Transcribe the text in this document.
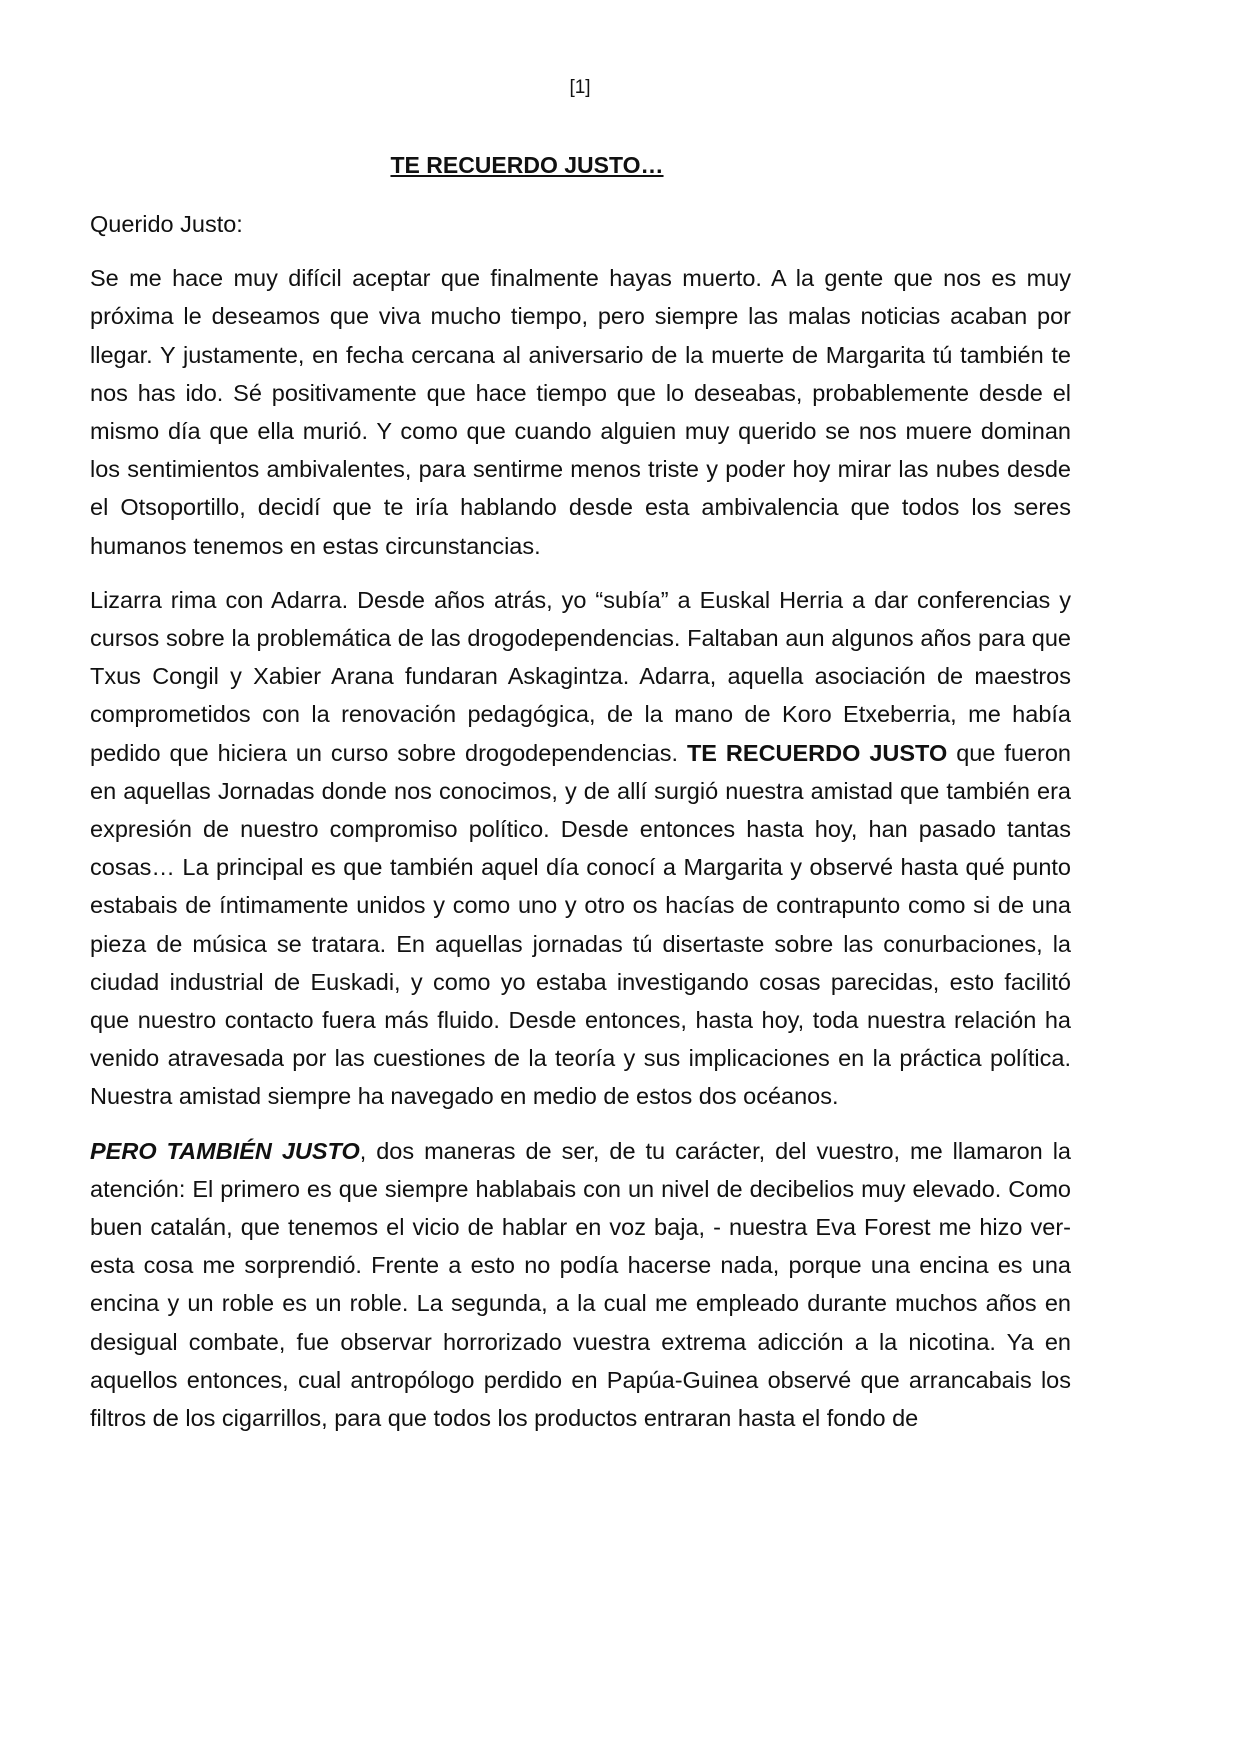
[1]
TE RECUERDO JUSTO…

Querido Justo:

Se me hace muy difícil aceptar que finalmente hayas muerto. A la gente que nos es muy próxima le deseamos que viva mucho tiempo, pero siempre las malas noticias acaban por llegar. Y justamente, en fecha cercana al aniversario de la muerte de Margarita tú también te nos has ido. Sé positivamente que hace tiempo que lo deseabas, probablemente desde el mismo día que ella murió. Y como que cuando alguien muy querido se nos muere dominan los sentimientos ambivalentes, para sentirme menos triste y poder hoy mirar las nubes desde el Otsoportillo, decidí que te iría hablando desde esta ambivalencia que todos los seres humanos tenemos en estas circunstancias.

Lizarra rima con Adarra. Desde años atrás, yo “subía” a Euskal Herria a dar conferencias y cursos sobre la problemática de las drogodependencias. Faltaban aun algunos años para que Txus Congil y Xabier Arana fundaran Askagintza. Adarra, aquella asociación de maestros comprometidos con la renovación pedagógica, de la mano de Koro Etxeberria, me había pedido que hiciera un curso sobre drogodependencias. TE RECUERDO JUSTO que fueron en aquellas Jornadas donde nos conocimos, y de allí surgió nuestra amistad que también era expresión de nuestro compromiso político. Desde entonces hasta hoy, han pasado tantas cosas… La principal es que también aquel día conocí a Margarita y observé hasta qué punto estabais de íntimamente unidos y como uno y otro os hacías de contrapunto como si de una pieza de música se tratara. En aquellas jornadas tú disertaste sobre las conurbaciones, la ciudad industrial de Euskadi, y como yo estaba investigando cosas parecidas, esto facilitó que nuestro contacto fuera más fluido. Desde entonces, hasta hoy, toda nuestra relación ha venido atravesada por las cuestiones de la teoría y sus implicaciones en la práctica política. Nuestra amistad siempre ha navegado en medio de estos dos océanos.

PERO TAMBIÉN JUSTO, dos maneras de ser, de tu carácter, del vuestro, me llamaron la atención: El primero es que siempre hablabais con un nivel de decibelios muy elevado. Como buen catalán, que tenemos el vicio de hablar en voz baja, - nuestra Eva Forest me hizo ver- esta cosa me sorprendió. Frente a esto no podía hacerse nada, porque una encina es una encina y un roble es un roble. La segunda, a la cual me empleado durante muchos años en desigual combate, fue observar horrorizado vuestra extrema adicción a la nicotina. Ya en aquellos entonces, cual antropólogo perdido en Papúa-Guinea observé que arrancabais los filtros de los cigarrillos, para que todos los productos entraran hasta el fondo de
